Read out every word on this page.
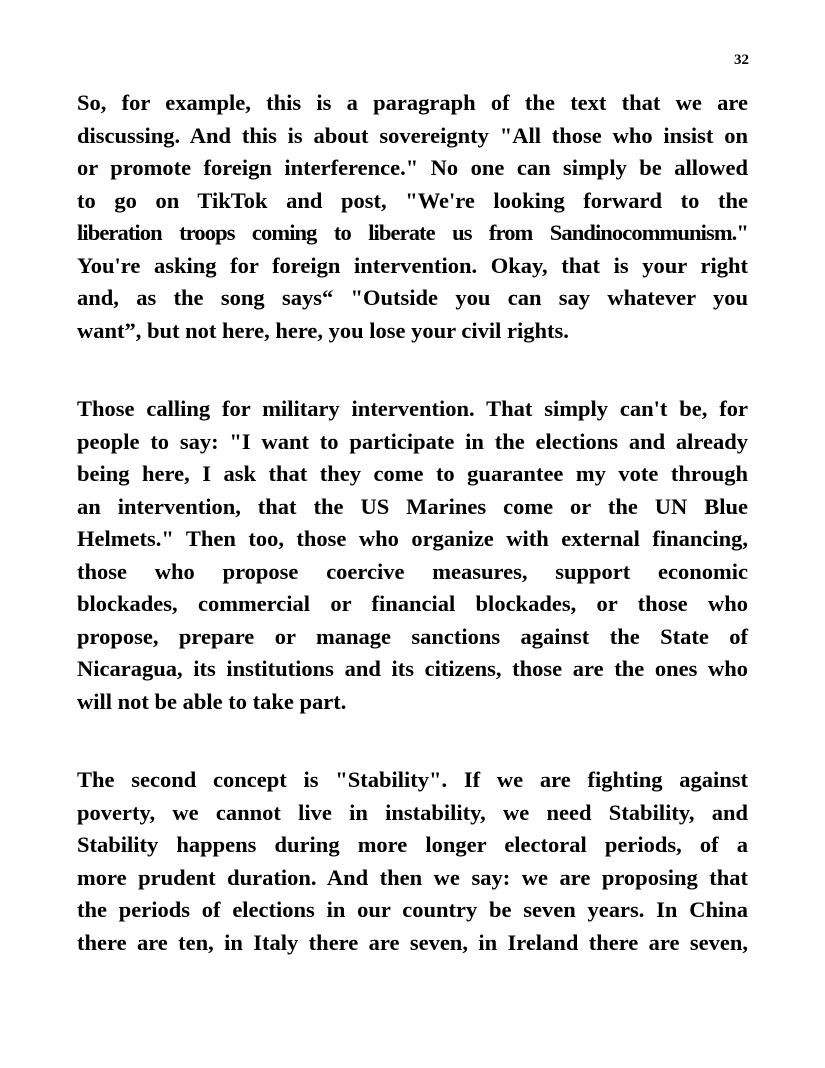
32

So, for example, this is a paragraph of the text that we are
discussing. And this is about sovereignty "All those who insist on
or promote foreign interference." No one can simply be allowed
to go on TikTok and post, "We're looking forward to the
liberation troops coming to liberate us from Sandinocommunism."
You're asking for foreign intervention. Okay, that is your right
and, as the song says“ "Outside you can say whatever you
want”, but not here, here, you lose your civil rights.

Those calling for military intervention. That simply can't be, for
people to say: "I want to participate in the elections and already
being here, I ask that they come to guarantee my vote through
an intervention, that the US Marines come or the UN Blue
Helmets." Then too, those who organize with external financing,
those who propose coercive measures, support economic
blockades, commercial or financial blockades, or those who
propose, prepare or manage sanctions against the State of
Nicaragua, its institutions and its citizens, those are the ones who
will not be able to take part.

The second concept is "Stability". If we are fighting against
poverty, we cannot live in instability, we need Stability, and
Stability happens during more longer electoral periods, of a
more prudent duration. And then we say: we are proposing that
the periods of elections in our country be seven years. In China
there are ten, in Italy there are seven, in Ireland there are seven,
